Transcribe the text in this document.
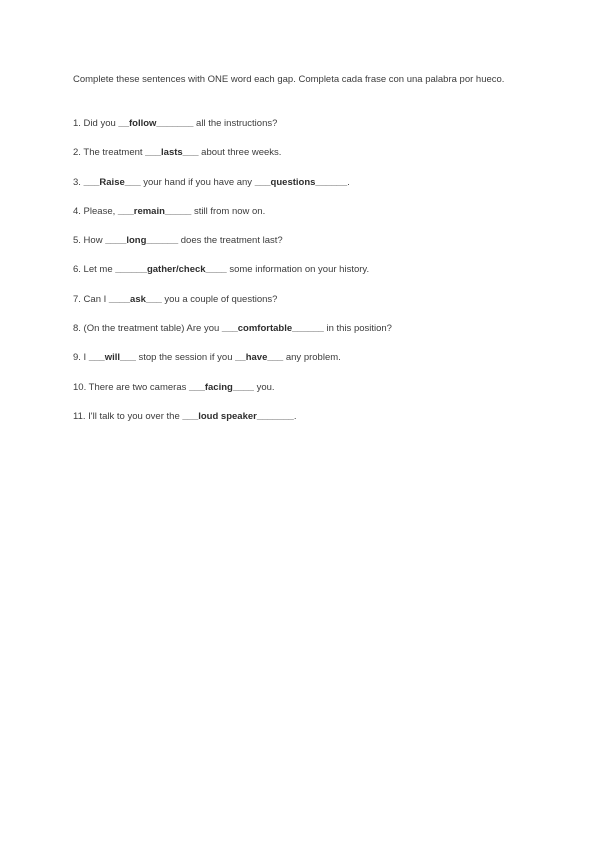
Complete these sentences with ONE word each gap. Completa cada frase con una palabra por hueco.

1. Did you __follow_______ all the instructions?
2. The treatment ___lasts___ about three weeks.
3. ___Raise___ your hand if you have any ___questions______.
4. Please, ___remain_____ still from now on.
5. How ____long______ does the treatment last?
6. Let me ______gather/check____ some information on your history.
7. Can I ____ask___ you a couple of questions?
8. (On the treatment table) Are you ___comfortable______ in this position?
9. I ___will___ stop the session if you __have___ any problem.
10. There are two cameras ___facing____ you.
11. I'll talk to you over the ___loud speaker_______.
